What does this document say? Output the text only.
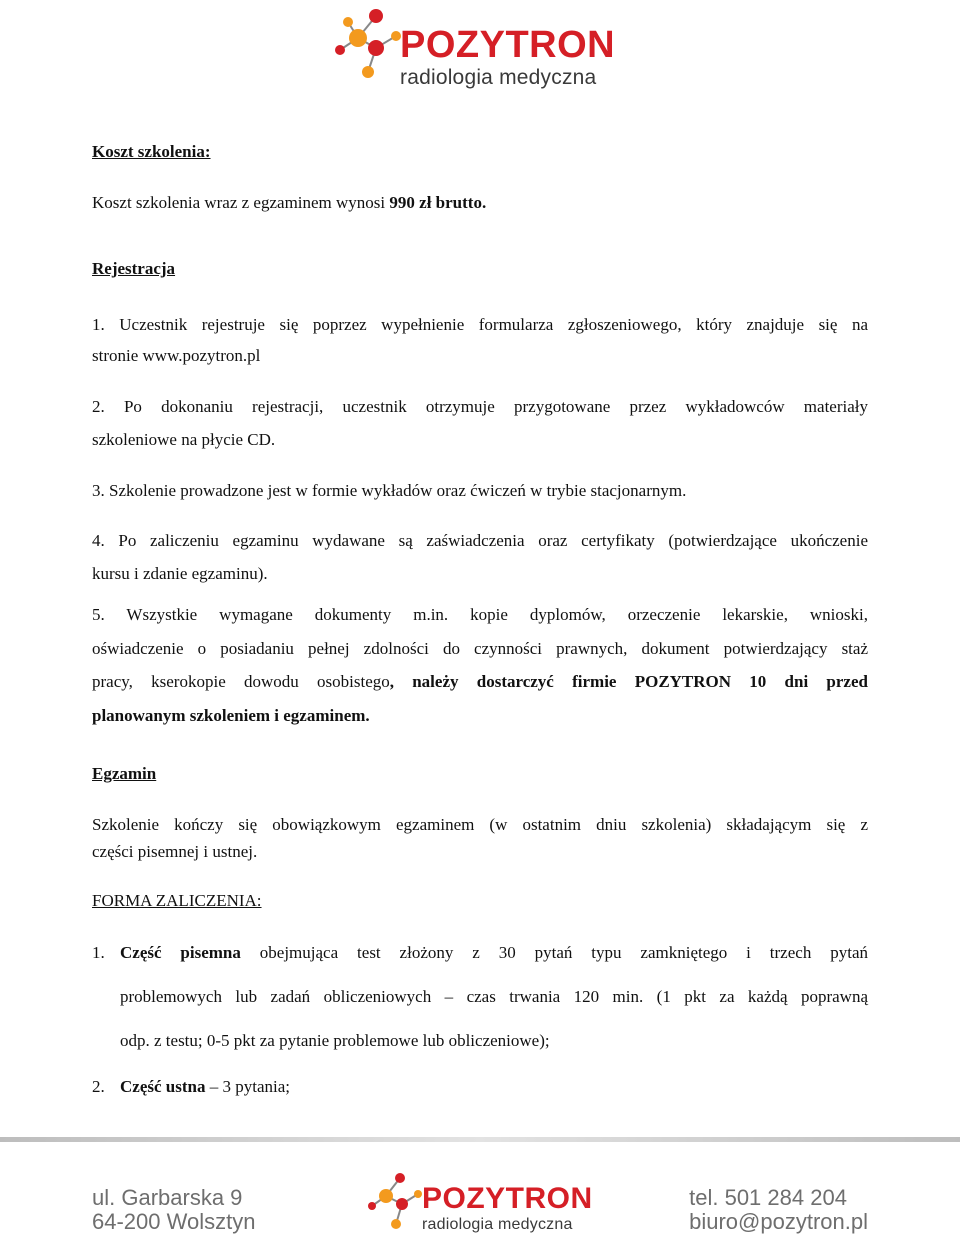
POZYTRON
radiologia medyczna
Koszt szkolenia:
Koszt szkolenia wraz z egzaminem wynosi 990 zł brutto.
Rejestracja
1. Uczestnik rejestruje się poprzez wypełnienie formularza zgłoszeniowego, który znajduje się na
stronie www.pozytron.pl
2. Po dokonaniu rejestracji, uczestnik otrzymuje przygotowane przez wykładowców materiały
szkoleniowe na płycie CD.
3. Szkolenie prowadzone jest w formie wykładów oraz ćwiczeń w trybie stacjonarnym.
4. Po zaliczeniu egzaminu wydawane są zaświadczenia oraz certyfikaty (potwierdzające ukończenie
kursu i zdanie egzaminu).
5. Wszystkie wymagane dokumenty m.in. kopie dyplomów, orzeczenie lekarskie, wnioski,
oświadczenie o posiadaniu pełnej zdolności do czynności prawnych, dokument potwierdzający staż
pracy, kserokopie dowodu osobistego, należy dostarczyć firmie POZYTRON 10 dni przed
planowanym szkoleniem i egzaminem.
Egzamin
Szkolenie kończy się obowiązkowym egzaminem (w ostatnim dniu szkolenia) składającym się z
części pisemnej i ustnej.
FORMA ZALICZENIA:
1. Część pisemna obejmująca test złożony z 30 pytań typu zamkniętego i trzech pytań
problemowych lub zadań obliczeniowych – czas trwania 120 min. (1 pkt za każdą poprawną
odp. z testu; 0-5 pkt za pytanie problemowe lub obliczeniowe);
2. Część ustna – 3 pytania;
ul. Garbarska 9
64-200 Wolsztyn
POZYTRON
radiologia medyczna
tel. 501 284 204
biuro@pozytron.pl
